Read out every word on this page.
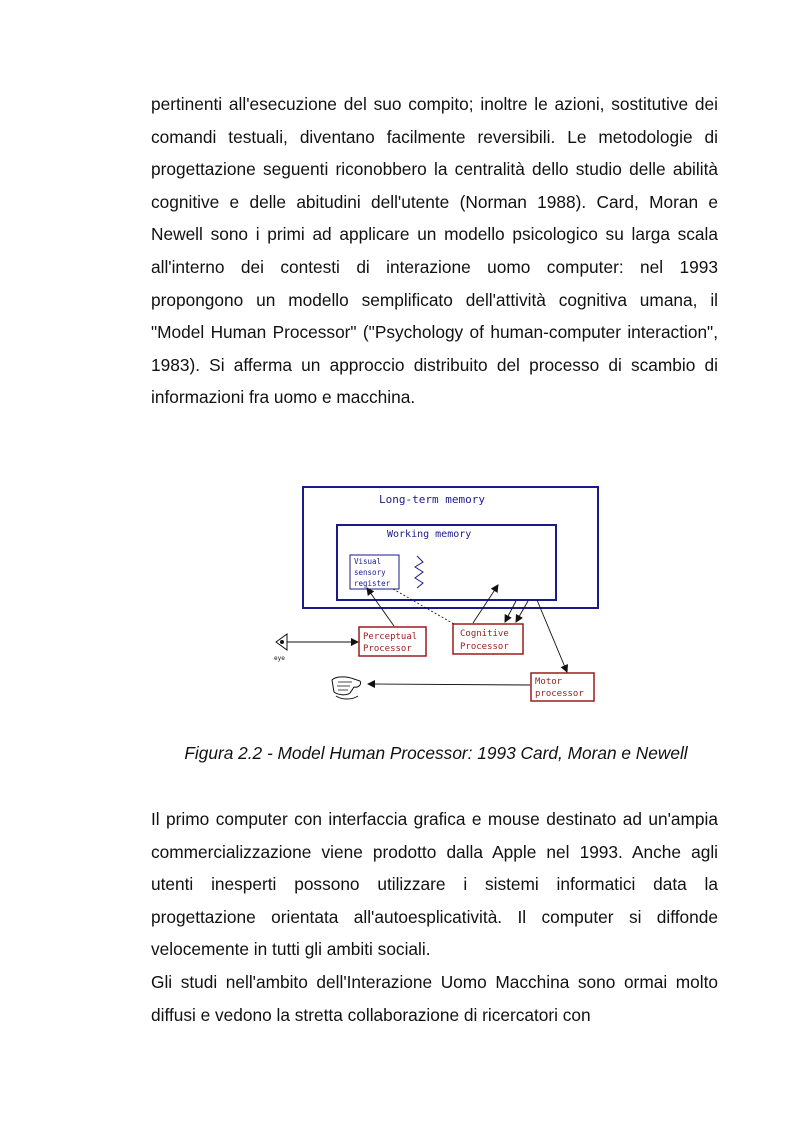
pertinenti all'esecuzione del suo compito; inoltre le azioni, sostitutive dei comandi testuali, diventano facilmente reversibili. Le metodologie di progettazione seguenti riconobbero la centralità dello studio delle abilità cognitive e delle abitudini dell'utente (Norman 1988). Card, Moran e Newell sono i primi ad applicare un modello psicologico su larga scala all'interno dei contesti di interazione uomo computer: nel 1993 propongono un modello semplificato dell'attività cognitiva umana, il "Model Human Processor" ("Psychology of human-computer interaction", 1983). Si afferma un approccio distribuito del processo di scambio di informazioni fra uomo e macchina.

Long-term memory
Working memory
Visual
sensory
register
Perceptual
Processor
Cognitive
Processor
Motor
processor
eye

Figura 2.2 - Model Human Processor: 1993 Card, Moran e Newell

Il primo computer con interfaccia grafica e mouse destinato ad un'ampia commercializzazione viene prodotto dalla Apple nel 1993. Anche agli utenti inesperti possono utilizzare i sistemi informatici data la progettazione orientata all'autoesplicatività. Il computer si diffonde velocemente in tutti gli ambiti sociali.

Gli studi nell'ambito dell'Interazione Uomo Macchina sono ormai molto diffusi e vedono la stretta collaborazione di ricercatori con
